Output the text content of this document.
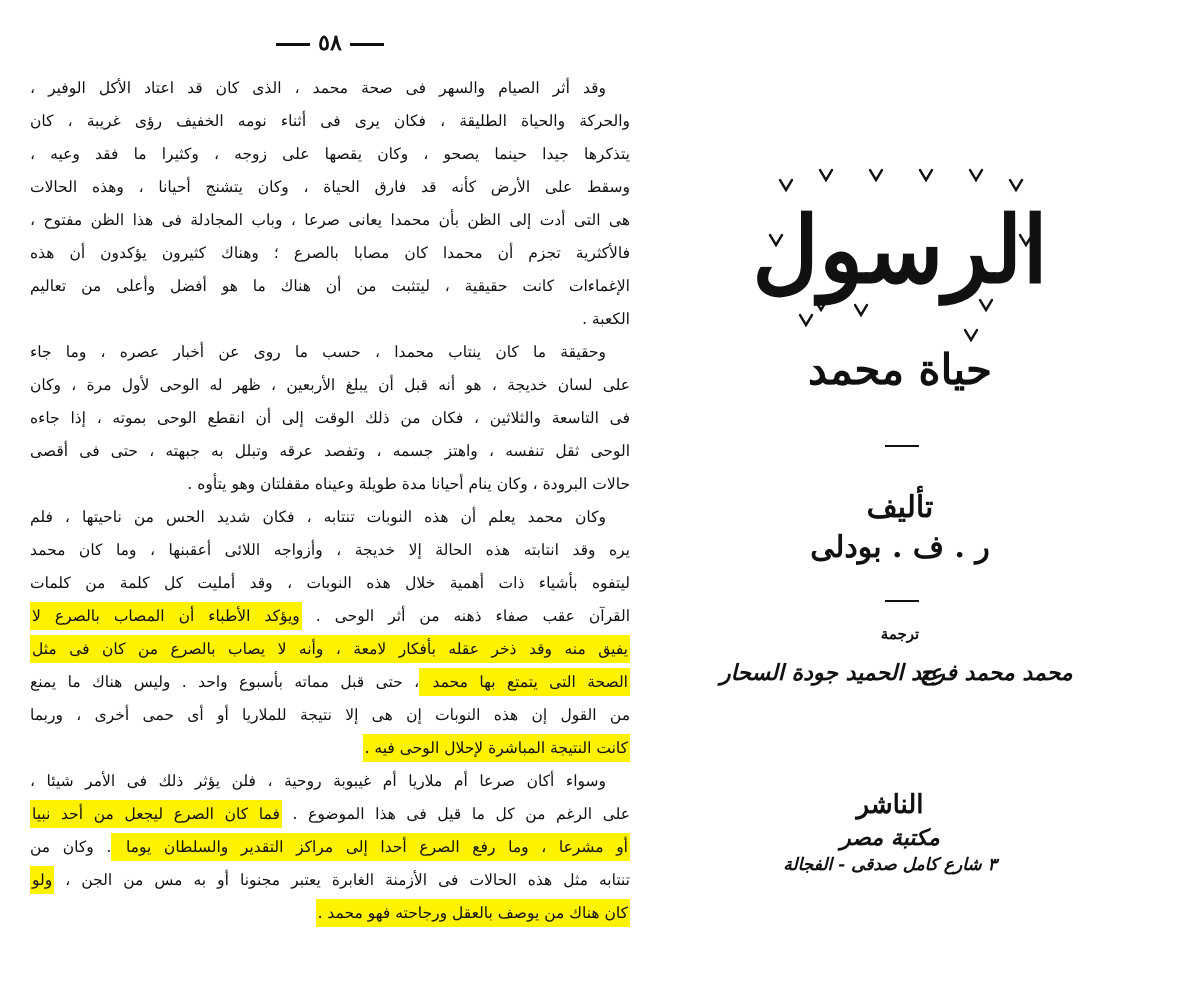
٥٨
وقد أثر الصيام والسهر فى صحة محمد ، الذى كان قد اعتاد الأكل الوفير ،
والحركة والحياة الطليقة ، فكان يرى فى أثناء نومه الخفيف رؤى غريبة ، كان
يتذكرها جيدا حينما يصحو ، وكان يقصها على زوجه ، وكثيرا ما فقد وعيه ،
وسقط على الأرض كأنه قد فارق الحياة ، وكان يتشنج أحيانا ، وهذه الحالات
هى التى أدت إلى الظن بأن محمدا يعانى صرعا ، وباب المجادلة فى هذا الظن مفتوح ،
فالأكثرية تجزم أن محمدا كان مصابا بالصرع ؛ وهناك كثيرون يؤكدون أن هذه
الإغماءات كانت حقيقية ، ليتثبت من أن هناك ما هو أفضل وأعلى من تعاليم
الكعبة .
وحقيقة ما كان ينتاب محمدا ، حسب ما روى عن أخبار عصره ، وما جاء
على لسان خديجة ، هو أنه قبل أن يبلغ الأربعين ، ظهر له الوحى لأول مرة ، وكان
فى التاسعة والثلاثين ، فكان من ذلك الوقت إلى أن انقطع الوحى بموته ، إذا جاءه
الوحى ثقل تنفسه ، واهتز جسمه ، وتفصد عرقه وتبلل به جبهته ، حتى فى أقصى
حالات البرودة ، وكان ينام أحيانا مدة طويلة وعيناه مقفلتان وهو يتأوه .
وكان محمد يعلم أن هذه النوبات تنتابه ، فكان شديد الحس من ناحيتها ، فلم
يره وقد انتابته هذه الحالة إلا خديجة ، وأزواجه اللائى أعقبنها ، وما كان محمد
ليتفوه بأشياء ذات أهمية خلال هذه النوبات ، وقد أمليت كل كلمة من كلمات
القرآن عقب صفاء ذهنه من أثر الوحى . ويؤكد الأطباء أن المصاب بالصرع لا
يفيق منه وقد ذخر عقله بأفكار لامعة ، وأنه لا يصاب بالصرع من كان فى مثل
الصحة التى يتمتع بها محمد ، حتى قبل مماته بأسبوع واحد . وليس هناك ما يمنع
من القول إن هذه النوبات إن هى إلا نتيجة للملاريا أو أى حمى أخرى ، وربما
كانت النتيجة المباشرة لإحلال الوحى فيه .
وسواء أكان صرعا أم ملاريا أم غيبوبة روحية ، فلن يؤثر ذلك فى الأمر شيئا ،
على الرغم من كل ما قيل فى هذا الموضوع . فما كان الصرع ليجعل من أحد نبيا
أو مشرعا ، وما رفع الصرع أحدا إلى مراكز التقدير والسلطان يوما . وكان من
تنتابه مثل هذه الحالات فى الأزمنة الغابرة يعتبر مجنونا أو به مس من الجن ، ولو
كان هناك من يوصف بالعقل ورجاحته فهو محمد .
الرسول
حياة محمد
تأليف
ر . ف . بودلى
ترجمة
محمد محمد فرج
عبد الحميد جودة السحار
الناشر
مكتبة مصر
٣ شارع كامل صدقى - الفجالة
